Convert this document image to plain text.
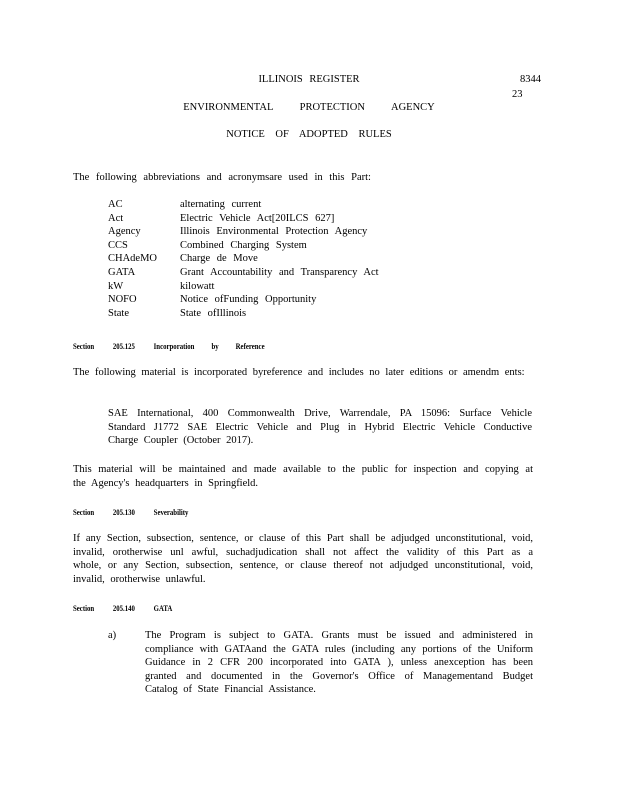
ILLINOIS REGISTER	8344
23
ENVIRONMENTAL PROTECTION AGENCY
NOTICE OF ADOPTED RULES
The following abbreviations and acronymsare used in this Part:
AC	alternating current
Act	Electric Vehicle Act[20ILCS 627]
Agency	Illinois Environmental Protection Agency
CCS	Combined Charging System
CHAdeMO Charge de Move
GATA	Grant Accountability and Transparency Act
kW	kilowatt
NOFO	Notice ofFunding Opportunity
State	State ofIllinois
Section 205.125 Incorporation by Reference
The following material is incorporated byreference and includes no later editions or amendm ents:
SAE International, 400 Commonwealth Drive, Warrendale, PA 15096: Surface Vehicle Standard J1772 SAE Electric Vehicle and Plug in Hybrid Electric Vehicle Conductive Charge Coupler (October 2017).
This material will be maintained and made available to the public for inspection and copying at the Agency's headquarters in Springfield.
Section 205.130 Severability
If any Section, subsection, sentence, or clause of this Part shall be adjudged unconstitutional, void, invalid, orotherwise unl awful, suchadjudication shall not affect the validity of this Part as a whole, or any Section, subsection, sentence, or clause thereof not adjudged unconstitutional, void, invalid, orotherwise unlawful.
Section 205.140 GATA
a)	The Program is subject to GATA. Grants must be issued and administered in compliance with GATAand the GATA rules (including any portions of the Uniform Guidance in 2 CFR 200 incorporated into GATA ), unless anexception has been granted and documented in the Governor's Office of Managementand Budget Catalog of State Financial Assistance.
